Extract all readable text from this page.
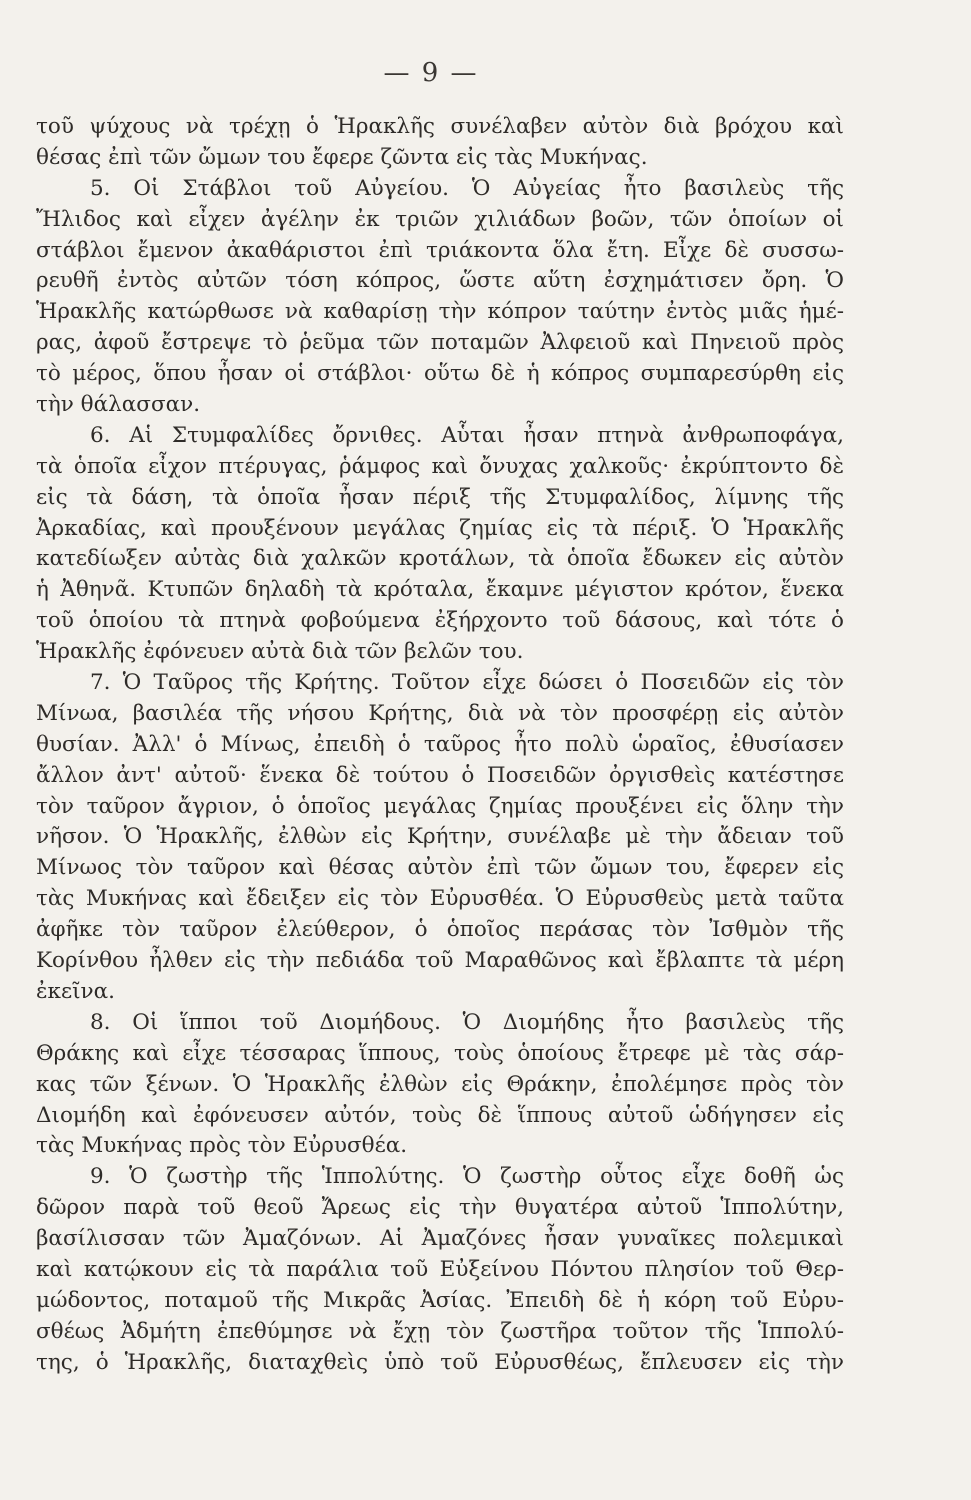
— 9 —
τοῦ ψύχους νὰ τρέχῃ ὁ Ἡρακλῆς συνέλαβεν αὐτὸν διὰ βρόχου καὶ
θέσας ἐπὶ τῶν ὤμων του ἔφερε ζῶντα εἰς τὰς Μυκήνας.
5. Οἱ Στάβλοι τοῦ Αὐγείου. Ὁ Αὐγείας ἦτο βασιλεὺς τῆς
Ἤλιδος καὶ εἶχεν ἀγέλην ἐκ τριῶν χιλιάδων βοῶν, τῶν ὁποίων οἱ
στάβλοι ἔμενον ἀκαθάριστοι ἐπὶ τριάκοντα ὅλα ἔτη. Εἶχε δὲ συσσω-
ρευθῆ ἐντὸς αὐτῶν τόση κόπρος, ὥστε αὕτη ἐσχημάτισεν ὄρη. Ὁ
Ἡρακλῆς κατώρθωσε νὰ καθαρίσῃ τὴν κόπρον ταύτην ἐντὸς μιᾶς ἡμέ-
ρας, ἀφοῦ ἔστρεψε τὸ ῥεῦμα τῶν ποταμῶν Ἀλφειοῦ καὶ Πηνειοῦ πρὸς
τὸ μέρος, ὅπου ἦσαν οἱ στάβλοι· οὕτω δὲ ἡ κόπρος συμπαρεσύρθη εἰς
τὴν θάλασσαν.
6. Αἱ Στυμφαλίδες ὄρνιθες. Αὗται ἦσαν πτηνὰ ἀνθρωποφάγα,
τὰ ὁποῖα εἶχον πτέρυγας, ῥάμφος καὶ ὄνυχας χαλκοῦς· ἐκρύπτοντο δὲ
εἰς τὰ δάση, τὰ ὁποῖα ἦσαν πέριξ τῆς Στυμφαλίδος, λίμνης τῆς
Ἀρκαδίας, καὶ προυξένουν μεγάλας ζημίας εἰς τὰ πέριξ. Ὁ Ἡρακλῆς
κατεδίωξεν αὐτὰς διὰ χαλκῶν κροτάλων, τὰ ὁποῖα ἔδωκεν εἰς αὐτὸν
ἡ Ἀθηνᾶ. Κτυπῶν δηλαδὴ τὰ κρόταλα, ἔκαμνε μέγιστον κρότον, ἕνεκα
τοῦ ὁποίου τὰ πτηνὰ φοβούμενα ἐξήρχοντο τοῦ δάσους, καὶ τότε ὁ
Ἡρακλῆς ἐφόνευεν αὐτὰ διὰ τῶν βελῶν του.
7. Ὁ Ταῦρος τῆς Κρήτης. Τοῦτον εἶχε δώσει ὁ Ποσειδῶν εἰς τὸν
Μίνωα, βασιλέα τῆς νήσου Κρήτης, διὰ νὰ τὸν προσφέρῃ εἰς αὐτὸν
θυσίαν. Ἀλλ' ὁ Μίνως, ἐπειδὴ ὁ ταῦρος ἦτο πολὺ ὡραῖος, ἐθυσίασεν
ἄλλον ἀντ' αὐτοῦ· ἕνεκα δὲ τούτου ὁ Ποσειδῶν ὀργισθεὶς κατέστησε
τὸν ταῦρον ἄγριον, ὁ ὁποῖος μεγάλας ζημίας προυξένει εἰς ὅλην τὴν
νῆσον. Ὁ Ἡρακλῆς, ἐλθὼν εἰς Κρήτην, συνέλαβε μὲ τὴν ἄδειαν τοῦ
Μίνωος τὸν ταῦρον καὶ θέσας αὐτὸν ἐπὶ τῶν ὤμων του, ἔφερεν εἰς
τὰς Μυκήνας καὶ ἔδειξεν εἰς τὸν Εὐρυσθέα. Ὁ Εὐρυσθεὺς μετὰ ταῦτα
ἀφῆκε τὸν ταῦρον ἐλεύθερον, ὁ ὁποῖος περάσας τὸν Ἰσθμὸν τῆς
Κορίνθου ἦλθεν εἰς τὴν πεδιάδα τοῦ Μαραθῶνος καὶ ἔβλαπτε τὰ μέρη
ἐκεῖνα.
8. Οἱ ἵπποι τοῦ Διομήδους. Ὁ Διομήδης ἦτο βασιλεὺς τῆς
Θράκης καὶ εἶχε τέσσαρας ἵππους, τοὺς ὁποίους ἔτρεφε μὲ τὰς σάρ-
κας τῶν ξένων. Ὁ Ἡρακλῆς ἐλθὼν εἰς Θράκην, ἐπολέμησε πρὸς τὸν
Διομήδη καὶ ἐφόνευσεν αὐτόν, τοὺς δὲ ἵππους αὐτοῦ ὡδήγησεν εἰς
τὰς Μυκήνας πρὸς τὸν Εὐρυσθέα.
9. Ὁ ζωστὴρ τῆς Ἱππολύτης. Ὁ ζωστὴρ οὗτος εἶχε δοθῆ ὡς
δῶρον παρὰ τοῦ θεοῦ Ἄρεως εἰς τὴν θυγατέρα αὐτοῦ Ἱππολύτην,
βασίλισσαν τῶν Ἀμαζόνων. Αἱ Ἀμαζόνες ἦσαν γυναῖκες πολεμικαὶ
καὶ κατῴκουν εἰς τὰ παράλια τοῦ Εὐξείνου Πόντου πλησίον τοῦ Θερ-
μώδοντος, ποταμοῦ τῆς Μικρᾶς Ἀσίας. Ἐπειδὴ δὲ ἡ κόρη τοῦ Εὐρυ-
σθέως Ἀδμήτη ἐπεθύμησε νὰ ἔχῃ τὸν ζωστῆρα τοῦτον τῆς Ἱππολύ-
της, ὁ Ἡρακλῆς, διαταχθεὶς ὑπὸ τοῦ Εὐρυσθέως, ἔπλευσεν εἰς τὴν
